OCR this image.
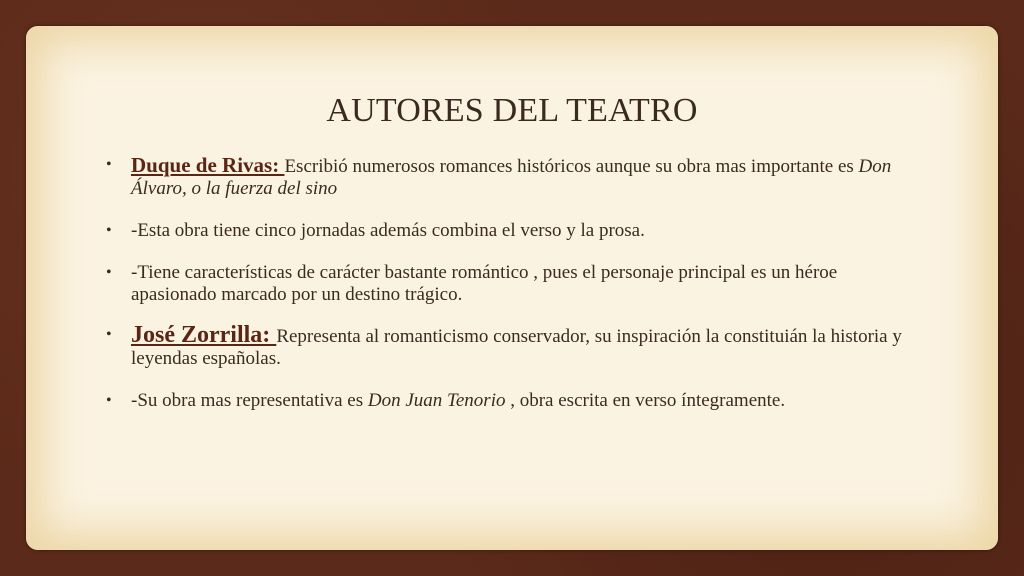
AUTORES DEL TEATRO
• Duque de Rivas: Escribió numerosos romances históricos aunque su obra mas importante es Don Álvaro, o la fuerza del sino
• -Esta obra tiene cinco jornadas además combina el verso y la prosa.
• -Tiene características de carácter bastante romántico , pues el personaje principal es un héroe apasionado marcado por un destino trágico.
• José Zorrilla: Representa al romanticismo conservador, su inspiración la constituián la historia y leyendas españolas.
• -Su obra mas representativa es Don Juan Tenorio , obra escrita en verso íntegramente.
